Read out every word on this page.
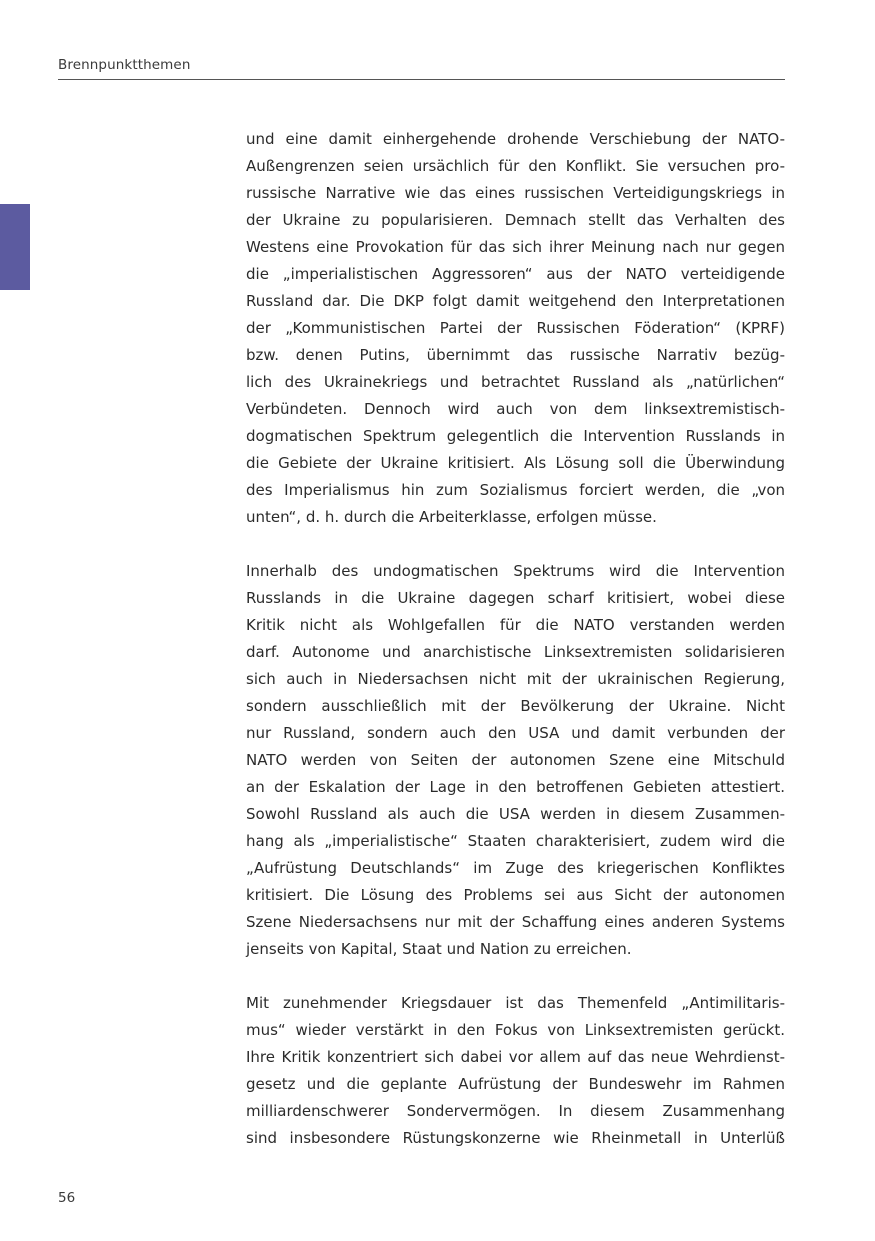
Brennpunktthemen
und eine damit einhergehende drohende Verschiebung der NATO-
Außengrenzen seien ursächlich für den Konflikt. Sie versuchen pro-
russische Narrative wie das eines russischen Verteidigungskriegs in
der Ukraine zu popularisieren. Demnach stellt das Verhalten des
Westens eine Provokation für das sich ihrer Meinung nach nur gegen
die „imperialistischen Aggressoren“ aus der NATO verteidigende
Russland dar. Die DKP folgt damit weitgehend den Interpretationen
der „Kommunistischen Partei der Russischen Föderation“ (KPRF)
bzw. denen Putins, übernimmt das russische Narrativ bezüg-
lich des Ukrainekriegs und betrachtet Russland als „natürlichen“
Verbündeten. Dennoch wird auch von dem linksextremistisch-
dogmatischen Spektrum gelegentlich die Intervention Russlands in
die Gebiete der Ukraine kritisiert. Als Lösung soll die Überwindung
des Imperialismus hin zum Sozialismus forciert werden, die „von
unten“, d. h. durch die Arbeiterklasse, erfolgen müsse.
Innerhalb des undogmatischen Spektrums wird die Intervention
Russlands in die Ukraine dagegen scharf kritisiert, wobei diese
Kritik nicht als Wohlgefallen für die NATO verstanden werden
darf. Autonome und anarchistische Linksextremisten solidarisieren
sich auch in Niedersachsen nicht mit der ukrainischen Regierung,
sondern ausschließlich mit der Bevölkerung der Ukraine. Nicht
nur Russland, sondern auch den USA und damit verbunden der
NATO werden von Seiten der autonomen Szene eine Mitschuld
an der Eskalation der Lage in den betroffenen Gebieten attestiert.
Sowohl Russland als auch die USA werden in diesem Zusammen-
hang als „imperialistische“ Staaten charakterisiert, zudem wird die
„Aufrüstung Deutschlands“ im Zuge des kriegerischen Konfliktes
kritisiert. Die Lösung des Problems sei aus Sicht der autonomen
Szene Niedersachsens nur mit der Schaffung eines anderen Systems
jenseits von Kapital, Staat und Nation zu erreichen.
Mit zunehmender Kriegsdauer ist das Themenfeld „Antimilitaris-
mus“ wieder verstärkt in den Fokus von Linksextremisten gerückt.
Ihre Kritik konzentriert sich dabei vor allem auf das neue Wehrdienst-
gesetz und die geplante Aufrüstung der Bundeswehr im Rahmen
milliardenschwerer Sondervermögen. In diesem Zusammenhang
sind insbesondere Rüstungskonzerne wie Rheinmetall in Unterlüß
56
